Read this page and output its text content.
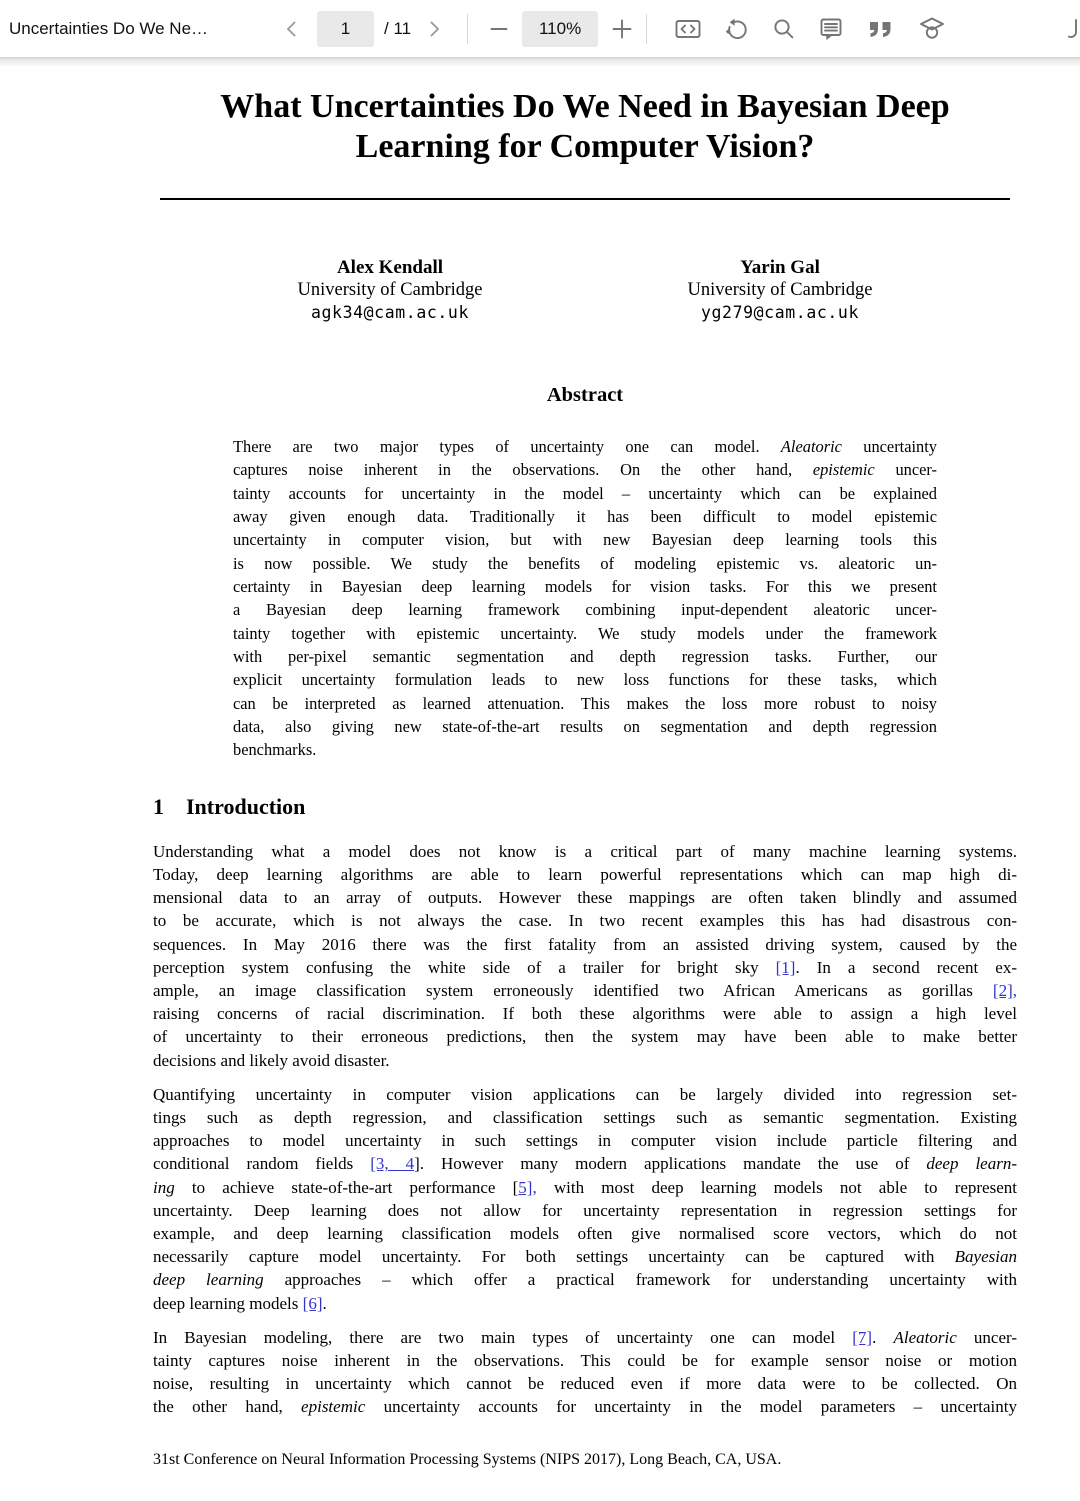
Uncertainties Do We Ne…	1	/ 11	110%
What Uncertainties Do We Need in Bayesian Deep
Learning for Computer Vision?
Alex Kendall
University of Cambridge
agk34@cam.ac.uk
Yarin Gal
University of Cambridge
yg279@cam.ac.uk
Abstract
There are two major types of uncertainty one can model. Aleatoric uncertainty
captures noise inherent in the observations. On the other hand, epistemic uncer-
tainty accounts for uncertainty in the model – uncertainty which can be explained
away given enough data. Traditionally it has been difficult to model epistemic
uncertainty in computer vision, but with new Bayesian deep learning tools this
is now possible. We study the benefits of modeling epistemic vs. aleatoric un-
certainty in Bayesian deep learning models for vision tasks. For this we present
a Bayesian deep learning framework combining input-dependent aleatoric uncer-
tainty together with epistemic uncertainty. We study models under the framework
with per-pixel semantic segmentation and depth regression tasks. Further, our
explicit uncertainty formulation leads to new loss functions for these tasks, which
can be interpreted as learned attenuation. This makes the loss more robust to noisy
data, also giving new state-of-the-art results on segmentation and depth regression
benchmarks.
1 Introduction
Understanding what a model does not know is a critical part of many machine learning systems.
Today, deep learning algorithms are able to learn powerful representations which can map high di-
mensional data to an array of outputs. However these mappings are often taken blindly and assumed
to be accurate, which is not always the case. In two recent examples this has had disastrous con-
sequences. In May 2016 there was the first fatality from an assisted driving system, caused by the
perception system confusing the white side of a trailer for bright sky [1]. In a second recent ex-
ample, an image classification system erroneously identified two African Americans as gorillas [2],
raising concerns of racial discrimination. If both these algorithms were able to assign a high level
of uncertainty to their erroneous predictions, then the system may have been able to make better
decisions and likely avoid disaster.
Quantifying uncertainty in computer vision applications can be largely divided into regression set-
tings such as depth regression, and classification settings such as semantic segmentation. Existing
approaches to model uncertainty in such settings in computer vision include particle filtering and
conditional random fields [3, 4]. However many modern applications mandate the use of deep learn-
ing to achieve state-of-the-art performance [5], with most deep learning models not able to represent
uncertainty. Deep learning does not allow for uncertainty representation in regression settings for
example, and deep learning classification models often give normalised score vectors, which do not
necessarily capture model uncertainty. For both settings uncertainty can be captured with Bayesian
deep learning approaches – which offer a practical framework for understanding uncertainty with
deep learning models [6].
In Bayesian modeling, there are two main types of uncertainty one can model [7]. Aleatoric uncer-
tainty captures noise inherent in the observations. This could be for example sensor noise or motion
noise, resulting in uncertainty which cannot be reduced even if more data were to be collected. On
the other hand, epistemic uncertainty accounts for uncertainty in the model parameters – uncertainty
31st Conference on Neural Information Processing Systems (NIPS 2017), Long Beach, CA, USA.
